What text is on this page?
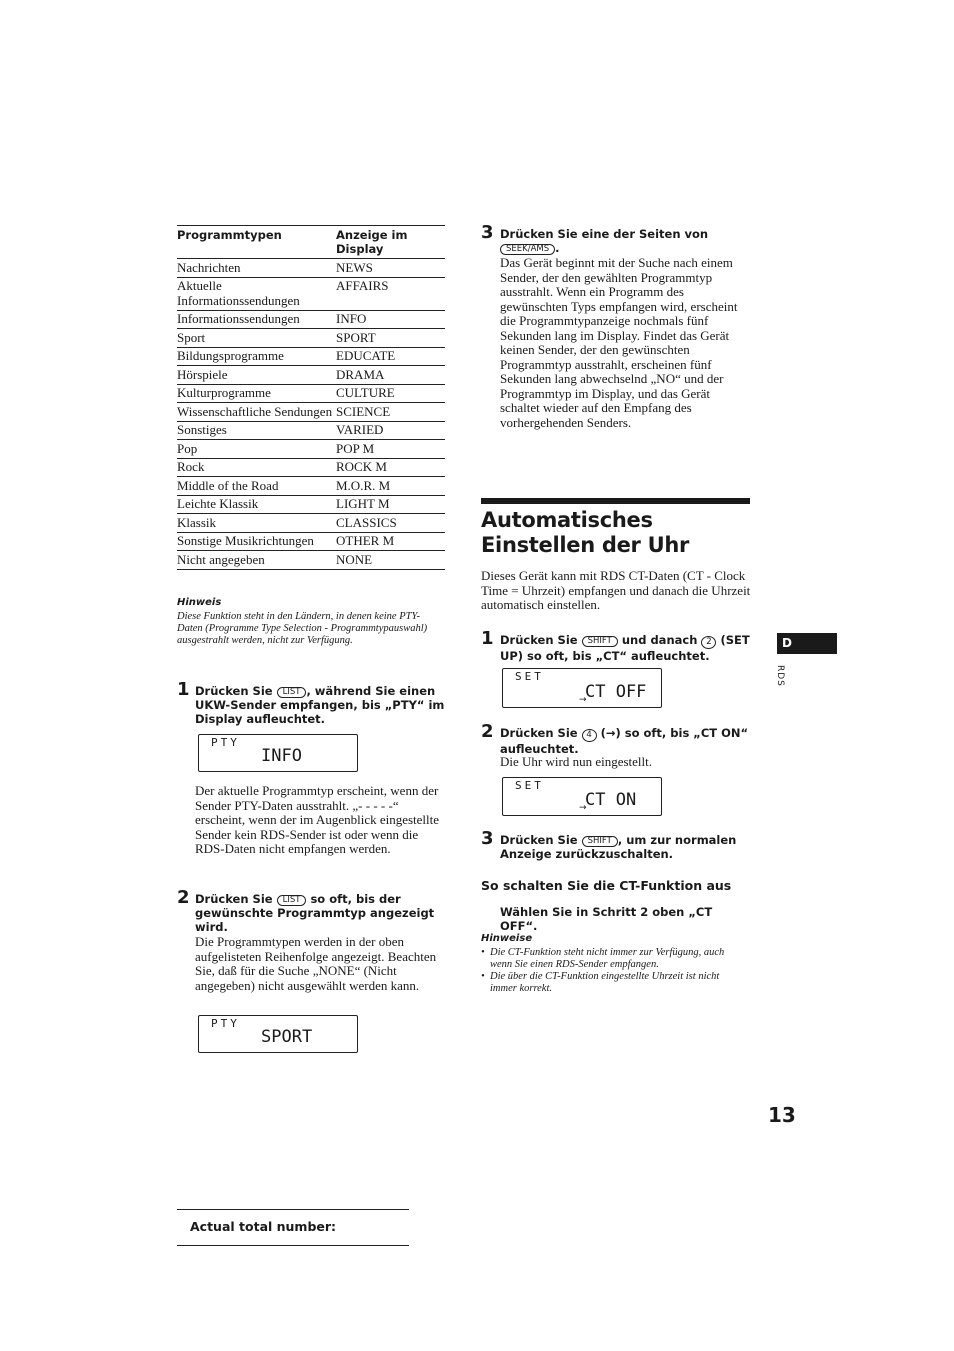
Programmtypen	Anzeige im Display
Nachrichten	NEWS
Aktuelle Informationssendungen	AFFAIRS
Informationssendungen	INFO
Sport	SPORT
Bildungsprogramme	EDUCATE
Hörspiele	DRAMA
Kulturprogramme	CULTURE
Wissenschaftliche Sendungen	SCIENCE
Sonstiges	VARIED
Pop	POP M
Rock	ROCK M
Middle of the Road	M.O.R. M
Leichte Klassik	LIGHT M
Klassik	CLASSICS
Sonstige Musikrichtungen	OTHER M
Nicht angegeben	NONE
Hinweis
Diese Funktion steht in den Ländern, in denen keine PTY-Daten (Programme Type Selection - Programmtypauswahl) ausgestrahlt werden, nicht zur Verfügung.
1 Drücken Sie LIST , während Sie einen UKW-Sender empfangen, bis „PTY“ im Display aufleuchtet.
PTY
INFO
Der aktuelle Programmtyp erscheint, wenn der Sender PTY-Daten ausstrahlt. „- - - - -“ erscheint, wenn der im Augenblick eingestellte Sender kein RDS-Sender ist oder wenn die RDS-Daten nicht empfangen werden.
2 Drücken Sie LIST so oft, bis der gewünschte Programmtyp angezeigt wird.
Die Programmtypen werden in der oben aufgelisteten Reihenfolge angezeigt. Beachten Sie, daß für die Suche „NONE“ (Nicht angegeben) nicht ausgewählt werden kann.
PTY
SPORT
3 Drücken Sie eine der Seiten von
SEEK/AMS .
Das Gerät beginnt mit der Suche nach einem Sender, der den gewählten Programmtyp ausstrahlt. Wenn ein Programm des gewünschten Typs empfangen wird, erscheint die Programmtypanzeige nochmals fünf Sekunden lang im Display. Findet das Gerät keinen Sender, der den gewünschten Programmtyp ausstrahlt, erscheinen fünf Sekunden lang abwechselnd „NO“ und der Programmtyp im Display, und das Gerät schaltet wieder auf den Empfang des vorhergehenden Senders.
Automatisches Einstellen der Uhr
Dieses Gerät kann mit RDS CT-Daten (CT - Clock Time = Uhrzeit) empfangen und danach die Uhrzeit automatisch einstellen.
1 Drücken Sie SHIFT und danach 2 (SET UP) so oft, bis „CT“ aufleuchtet.
SET
CT OFF
→
2 Drücken Sie 4 (→) so oft, bis „CT ON“ aufleuchtet.
Die Uhr wird nun eingestellt.
SET
CT ON
→
3 Drücken Sie SHIFT , um zur normalen Anzeige zurückzuschalten.
So schalten Sie die CT-Funktion aus
Wählen Sie in Schritt 2 oben „CT OFF“.
Hinweise
• Die CT-Funktion steht nicht immer zur Verfügung, auch wenn Sie einen RDS-Sender empfangen.
• Die über die CT-Funktion eingestellte Uhrzeit ist nicht immer korrekt.
D
RDS
13
Actual total number:
